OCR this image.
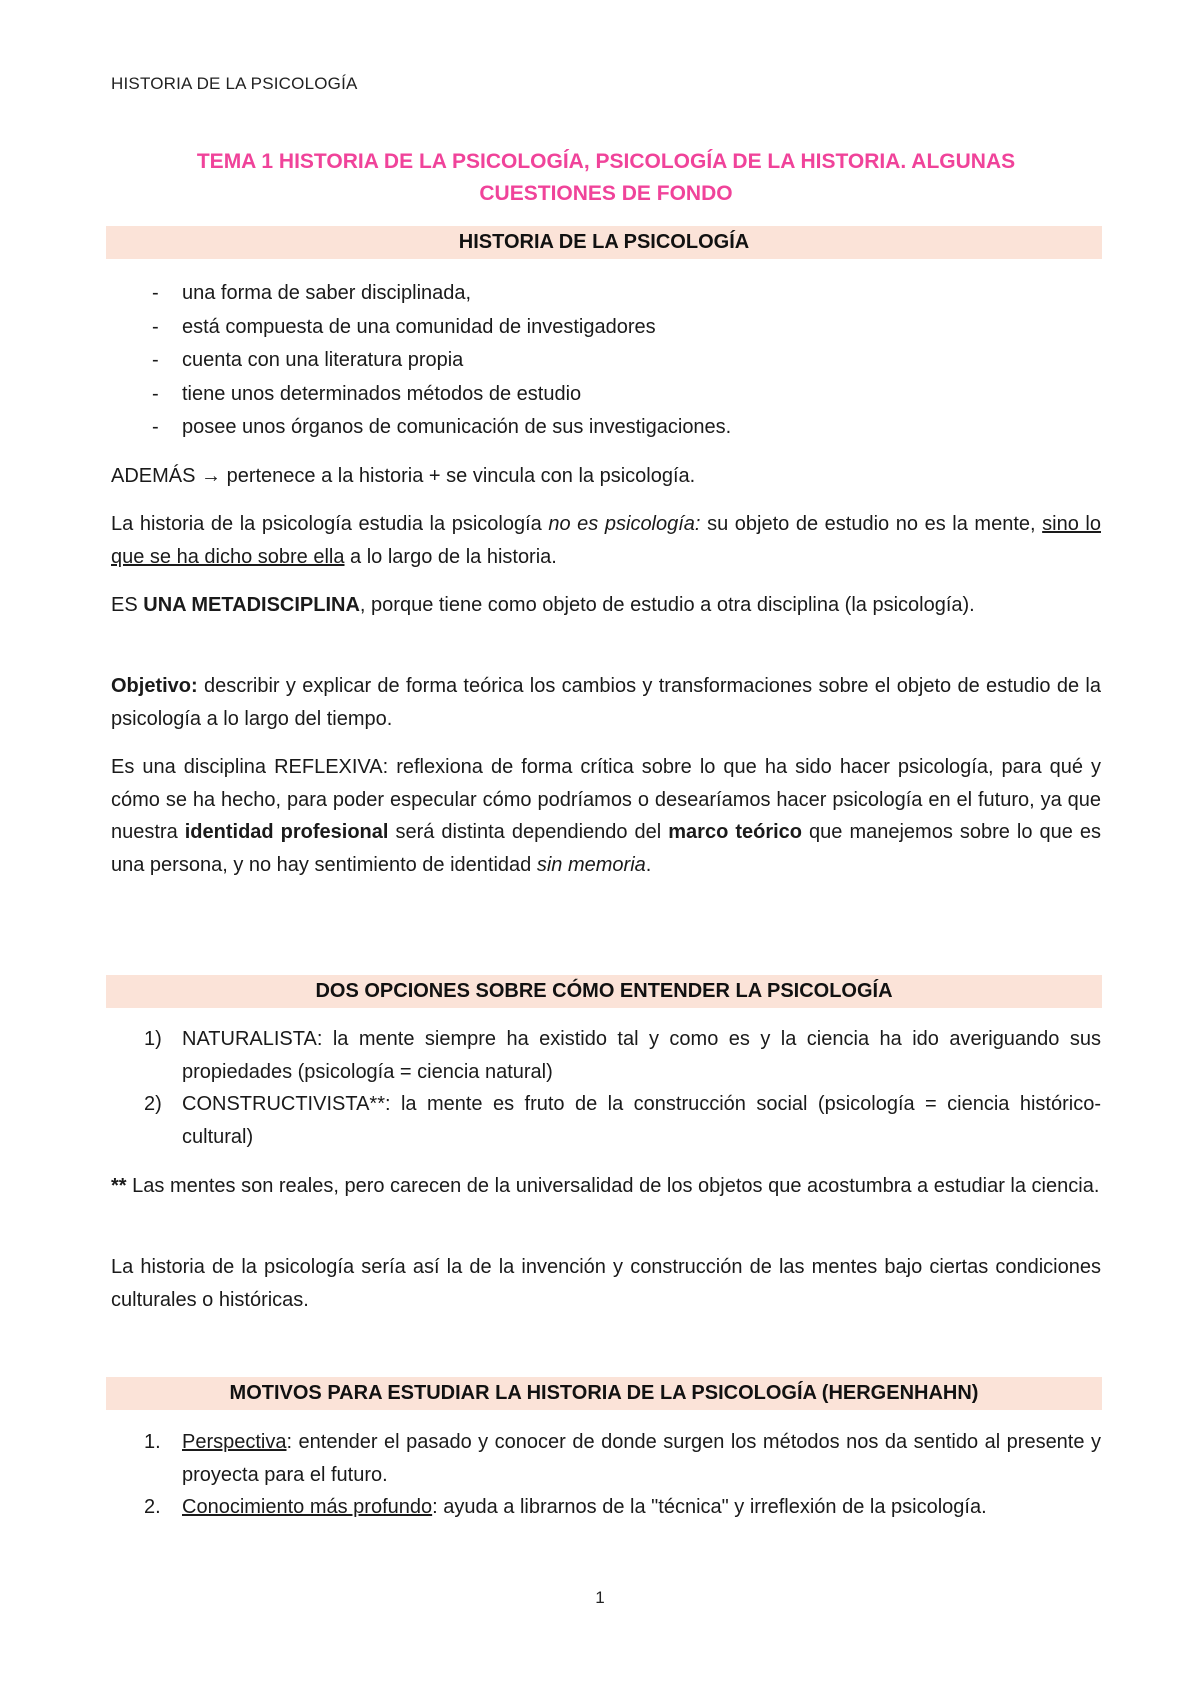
HISTORIA DE LA PSICOLOGÍA
TEMA 1 HISTORIA DE LA PSICOLOGÍA, PSICOLOGÍA DE LA HISTORIA. ALGUNAS
CUESTIONES DE FONDO
HISTORIA DE LA PSICOLOGÍA
- una forma de saber disciplinada,
- está compuesta de una comunidad de investigadores
- cuenta con una literatura propia
- tiene unos determinados métodos de estudio
- posee unos órganos de comunicación de sus investigaciones.

ADEMÁS → pertenece a la historia + se vincula con la psicología.

La historia de la psicología estudia la psicología no es psicología: su objeto de estudio no es la mente, sino lo que se ha dicho sobre ella a lo largo de la historia.

ES UNA METADISCIPLINA, porque tiene como objeto de estudio a otra disciplina (la psicología).

Objetivo: describir y explicar de forma teórica los cambios y transformaciones sobre el objeto de estudio de la psicología a lo largo del tiempo.

Es una disciplina REFLEXIVA: reflexiona de forma crítica sobre lo que ha sido hacer psicología, para qué y cómo se ha hecho, para poder especular cómo podríamos o desearíamos hacer psicología en el futuro, ya que nuestra identidad profesional será distinta dependiendo del marco teórico que manejemos sobre lo que es una persona, y no hay sentimiento de identidad sin memoria.

DOS OPCIONES SOBRE CÓMO ENTENDER LA PSICOLOGÍA
1) NATURALISTA: la mente siempre ha existido tal y como es y la ciencia ha ido averiguando sus propiedades (psicología = ciencia natural)
2) CONSTRUCTIVISTA**: la mente es fruto de la construcción social (psicología = ciencia histórico-cultural)

** Las mentes son reales, pero carecen de la universalidad de los objetos que acostumbra a estudiar la ciencia.

La historia de la psicología sería así la de la invención y construcción de las mentes bajo ciertas condiciones culturales o históricas.

MOTIVOS PARA ESTUDIAR LA HISTORIA DE LA PSICOLOGÍA (HERGENHAHN)
1. Perspectiva: entender el pasado y conocer de donde surgen los métodos nos da sentido al presente y proyecta para el futuro.
2. Conocimiento más profundo: ayuda a librarnos de la "técnica" y irreflexión de la psicología.
1
